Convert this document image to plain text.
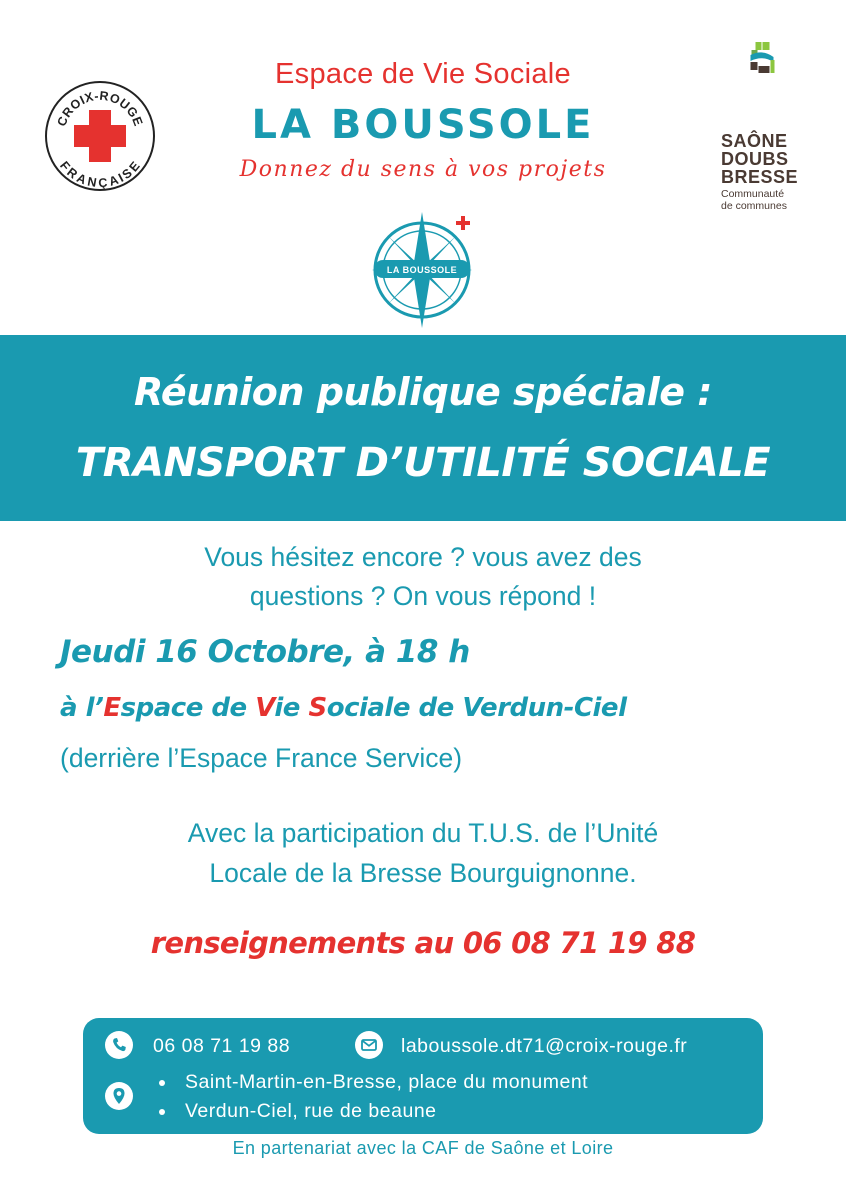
CROIX-ROUGE
FRANÇAISE
Espace de Vie Sociale
LA BOUSSOLE
Donnez du sens à vos projets
LA BOUSSOLE
SAÔNE
DOUBS
BRESSE
Communauté
de communes
Réunion publique spéciale :
TRANSPORT D’UTILITÉ SOCIALE
Vous hésitez encore ? vous avez des
questions ? On vous répond !
Jeudi 16 Octobre, à 18 h
à l’Espace de Vie Sociale de Verdun-Ciel
(derrière l’Espace France Service)
Avec la participation du T.U.S. de l’Unité
Locale de la Bresse Bourguignonne.
renseignements au 06 08 71 19 88
06 08 71 19 88	laboussole.dt71@croix-rouge.fr
Saint-Martin-en-Bresse, place du monument
Verdun-Ciel, rue de beaune
En partenariat avec la CAF de Saône et Loire
